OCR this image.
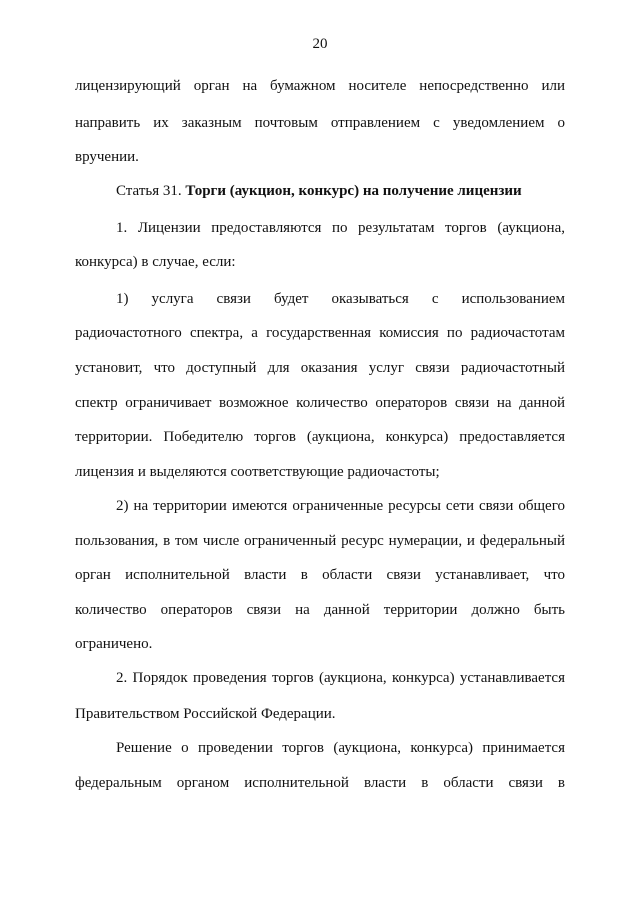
20
лицензирующий орган на бумажном носителе непосредственно или
направить их заказным почтовым отправлением с уведомлением о
вручении.
Статья 31. Торги (аукцион, конкурс) на получение лицензии
1. Лицензии предоставляются по результатам торгов (аукциона,
конкурса) в случае, если:
1) услуга связи будет оказываться с использованием
радиочастотного спектра, а государственная комиссия по радиочастотам
установит, что доступный для оказания услуг связи радиочастотный
спектр ограничивает возможное количество операторов связи на данной
территории. Победителю торгов (аукциона, конкурса) предоставляется
лицензия и выделяются соответствующие радиочастоты;
2) на территории имеются ограниченные ресурсы сети связи общего
пользования, в том числе ограниченный ресурс нумерации, и федеральный
орган исполнительной власти в области связи устанавливает, что
количество операторов связи на данной территории должно быть
ограничено.
2. Порядок проведения торгов (аукциона, конкурса) устанавливается
Правительством Российской Федерации.
Решение о проведении торгов (аукциона, конкурса) принимается
федеральным органом исполнительной власти в области связи в
